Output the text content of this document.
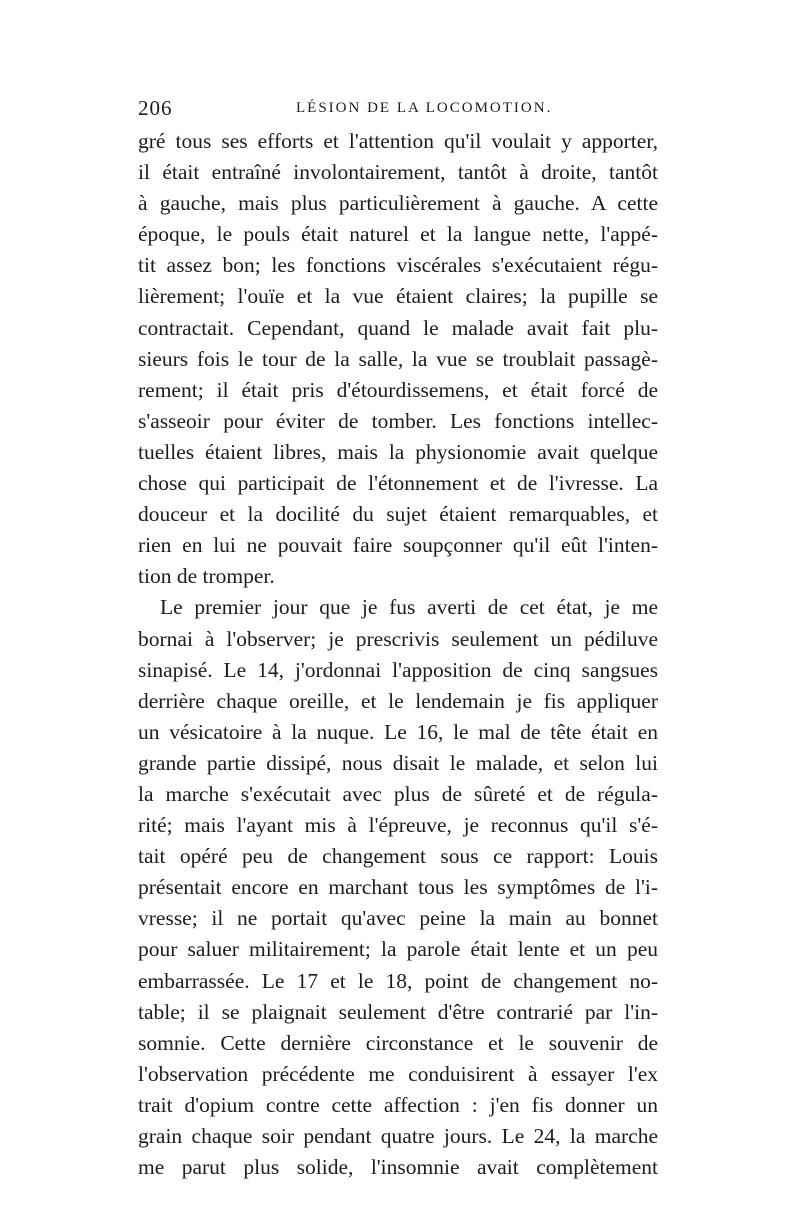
206	LÉSION DE LA LOCOMOTION.
gré tous ses efforts et l'attention qu'il voulait y apporter,
il était entraîné involontairement, tantôt à droite, tantôt
à gauche, mais plus particulièrement à gauche. A cette
époque, le pouls était naturel et la langue nette, l'appé-
tit assez bon; les fonctions viscérales s'exécutaient régu-
lièrement; l'ouïe et la vue étaient claires; la pupille se
contractait. Cependant, quand le malade avait fait plu-
sieurs fois le tour de la salle, la vue se troublait passagè-
rement; il était pris d'étourdissemens, et était forcé de
s'asseoir pour éviter de tomber. Les fonctions intellec-
tuelles étaient libres, mais la physionomie avait quelque
chose qui participait de l'étonnement et de l'ivresse. La
douceur et la docilité du sujet étaient remarquables, et
rien en lui ne pouvait faire soupçonner qu'il eût l'inten-
tion de tromper.
Le premier jour que je fus averti de cet état, je me
bornai à l'observer; je prescrivis seulement un pédiluve
sinapisé. Le 14, j'ordonnai l'apposition de cinq sangsues
derrière chaque oreille, et le lendemain je fis appliquer
un vésicatoire à la nuque. Le 16, le mal de tête était en
grande partie dissipé, nous disait le malade, et selon lui
la marche s'exécutait avec plus de sûreté et de régula-
rité; mais l'ayant mis à l'épreuve, je reconnus qu'il s'é-
tait opéré peu de changement sous ce rapport: Louis
présentait encore en marchant tous les symptômes de l'i-
vresse; il ne portait qu'avec peine la main au bonnet
pour saluer militairement; la parole était lente et un peu
embarrassée. Le 17 et le 18, point de changement no-
table; il se plaignait seulement d'être contrarié par l'in-
somnie. Cette dernière circonstance et le souvenir de
l'observation précédente me conduisirent à essayer l'ex
trait d'opium contre cette affection : j'en fis donner un
grain chaque soir pendant quatre jours. Le 24, la marche
me parut plus solide, l'insomnie avait complètement
